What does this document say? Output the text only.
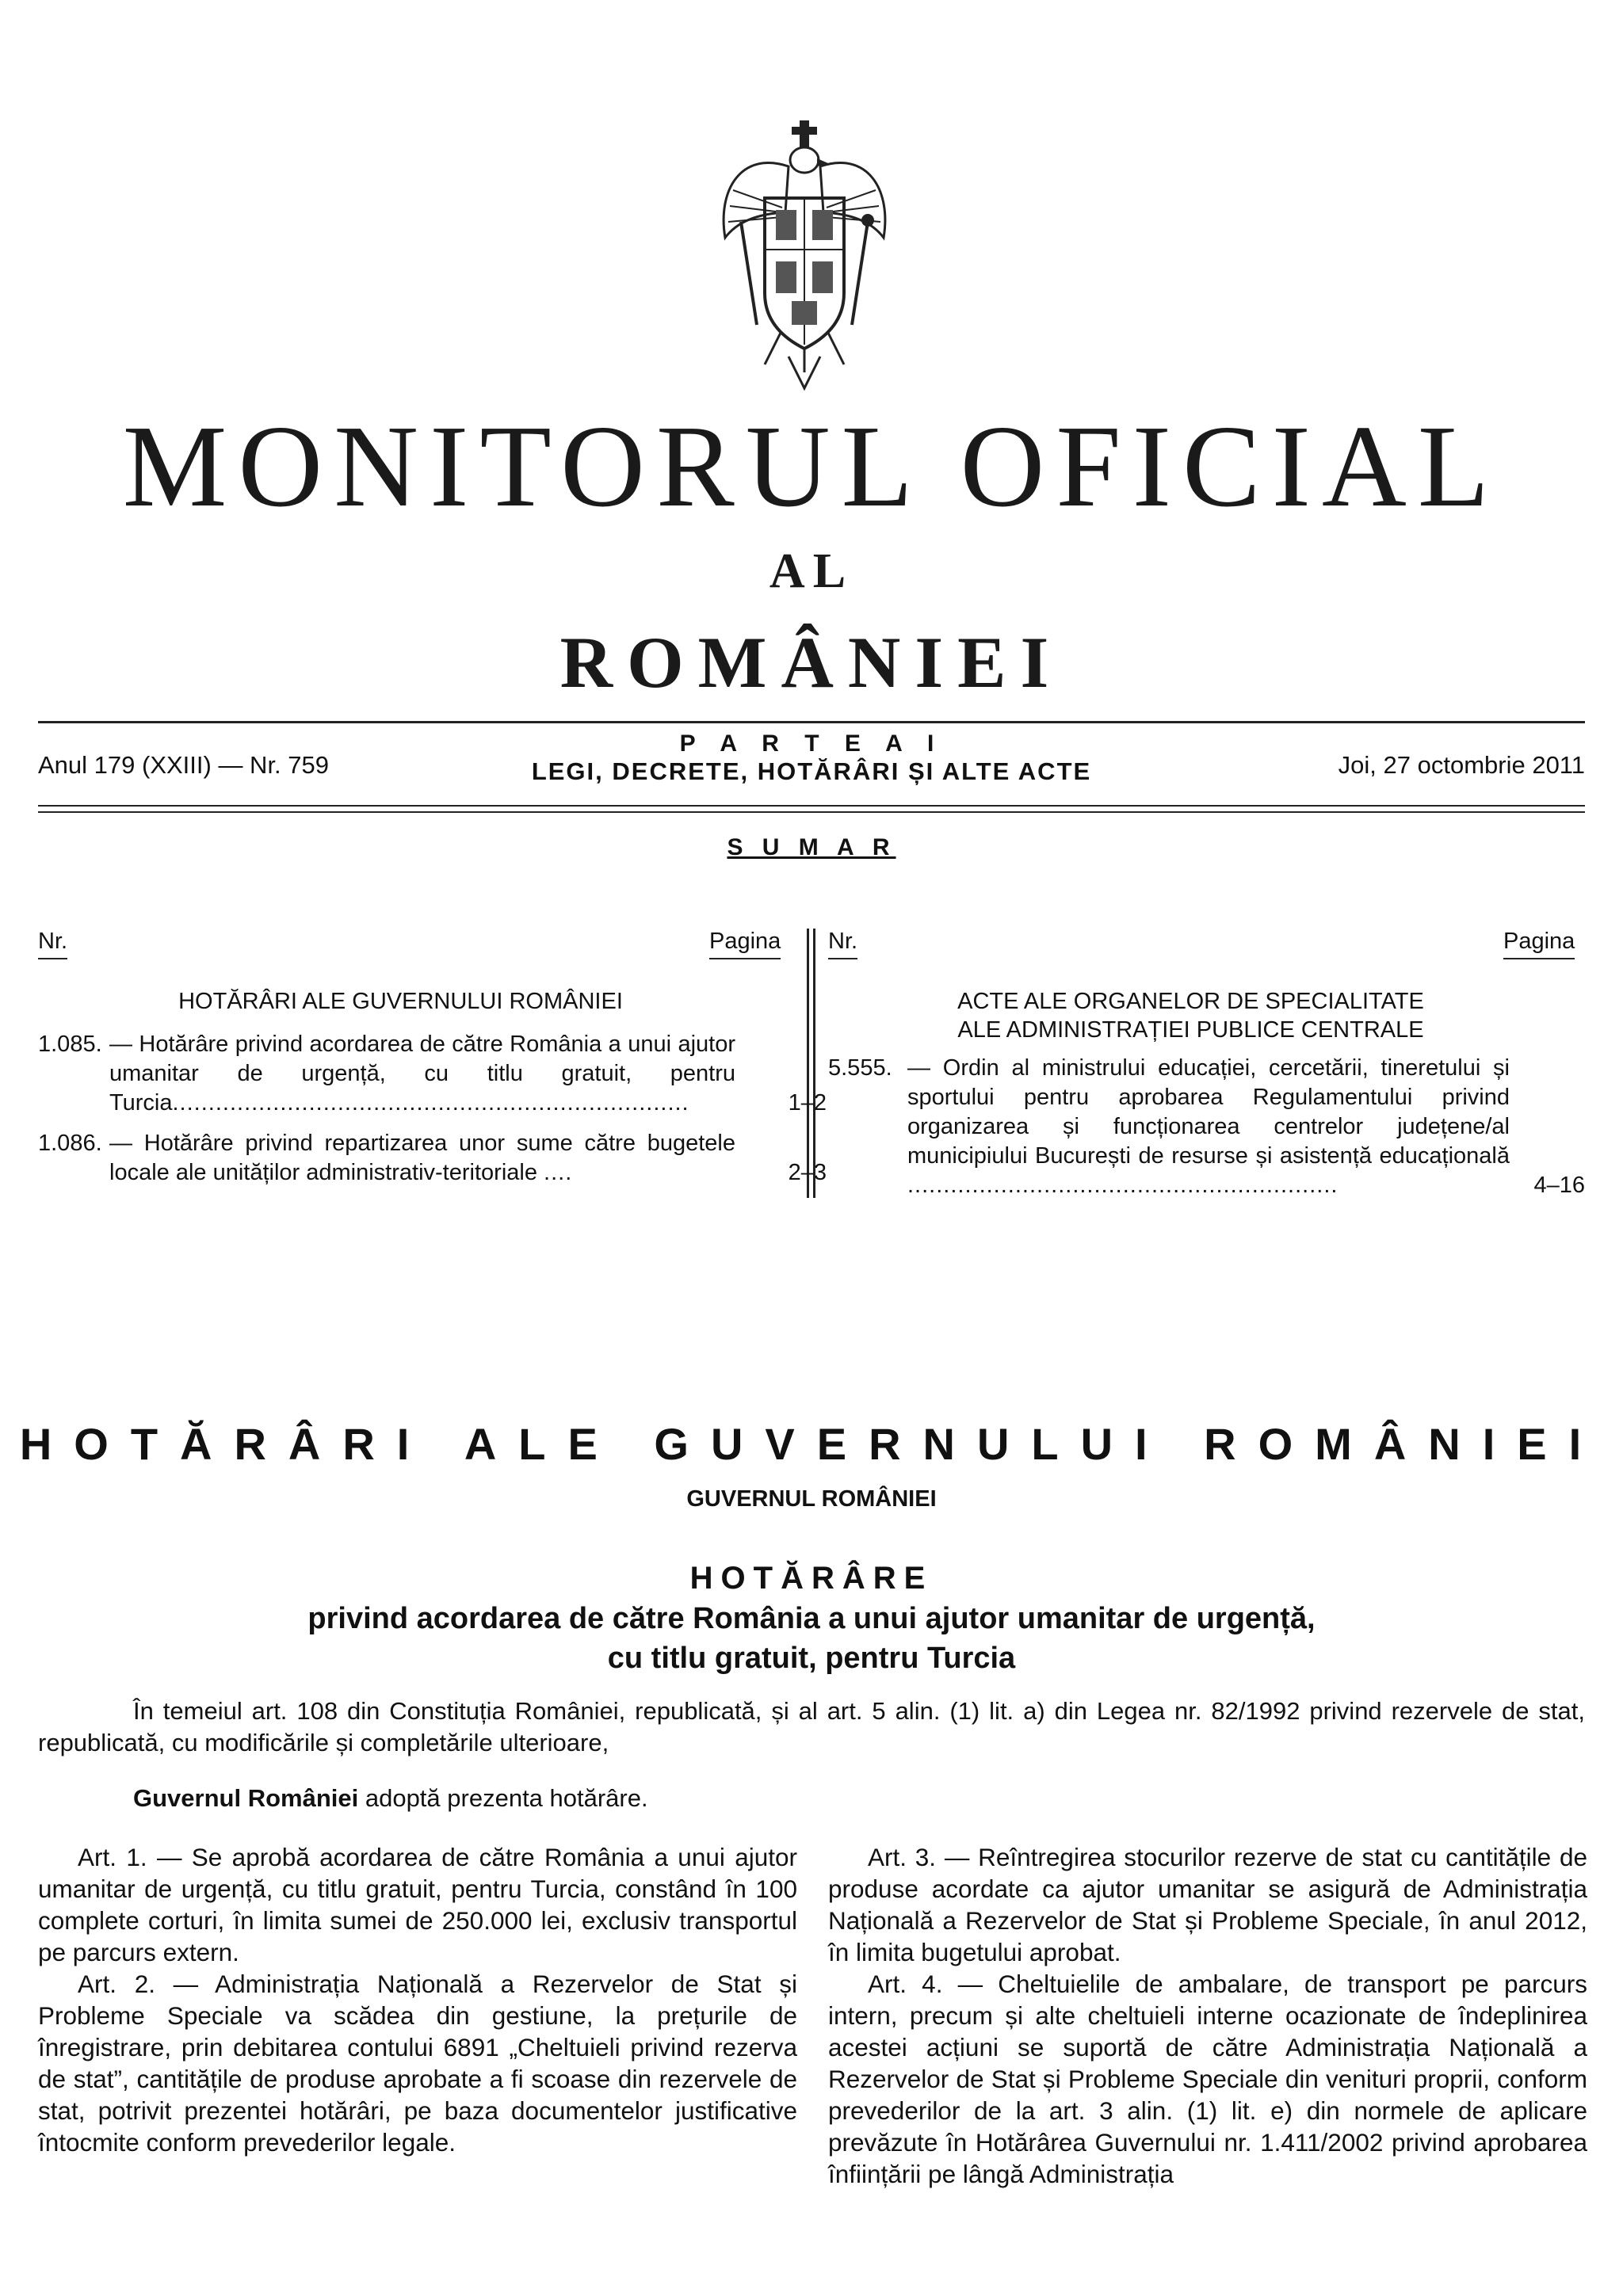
MONITORUL OFICIAL
AL
ROMÂNIEI
Anul 179 (XXIII) — Nr. 759
P A R T E A I
LEGI, DECRETE, HOTĂRÂRI ȘI ALTE ACTE	Joi, 27 octombrie 2011
S U M A R
Nr.	Pagina Nr.	Pagina
HOTĂRÂRI ALE GUVERNULUI ROMÂNIEI	ACTE ALE ORGANELOR DE SPECIALITATE
ALE ADMINISTRAȚIEI PUBLICE CENTRALE
1.085. — Hotărâre privind acordarea de către România a unui ajutor umanitar de urgență, cu titlu gratuit, pentru Turcia........................................................................	1–2
1.086. — Hotărâre privind repartizarea unor sume către bugetele locale ale unităților administrativ-teritoriale ....	2–3
5.555. — Ordin al ministrului educației, cercetării, tineretului și sportului pentru aprobarea Regulamentului privind organizarea și funcționarea centrelor județene/al municipiului București de resurse și asistență educațională ............................................................	4–16
HOTĂRÂRI ALE GUVERNULUI ROMÂNIEI
GUVERNUL ROMÂNIEI
HOTĂRÂRE
privind acordarea de către România a unui ajutor umanitar de urgență,
cu titlu gratuit, pentru Turcia
În temeiul art. 108 din Constituția României, republicată, și al art. 5 alin. (1) lit. a) din Legea nr. 82/1992 privind rezervele de stat, republicată, cu modificările și completările ulterioare,
Guvernul României adoptă prezenta hotărâre.

Art. 1. — Se aprobă acordarea de către România a unui ajutor umanitar de urgență, cu titlu gratuit, pentru Turcia, constând în 100 complete corturi, în limita sumei de 250.000 lei, exclusiv transportul pe parcurs extern.

Art. 2. — Administrația Națională a Rezervelor de Stat și Probleme Speciale va scădea din gestiune, la prețurile de înregistrare, prin debitarea contului 6891 „Cheltuieli privind rezerva de stat”, cantitățile de produse aprobate a fi scoase din rezervele de stat, potrivit prezentei hotărâri, pe baza documentelor justificative întocmite conform prevederilor legale.

Art. 3. — Reîntregirea stocurilor rezerve de stat cu cantitățile de produse acordate ca ajutor umanitar se asigură de Administrația Națională a Rezervelor de Stat și Probleme Speciale, în anul 2012, în limita bugetului aprobat.

Art. 4. — Cheltuielile de ambalare, de transport pe parcurs intern, precum și alte cheltuieli interne ocazionate de îndeplinirea acestei acțiuni se suportă de către Administrația Națională a Rezervelor de Stat și Probleme Speciale din venituri proprii, conform prevederilor de la art. 3 alin. (1) lit. e) din normele de aplicare prevăzute în Hotărârea Guvernului nr. 1.411/2002 privind aprobarea înființării pe lângă Administrația
